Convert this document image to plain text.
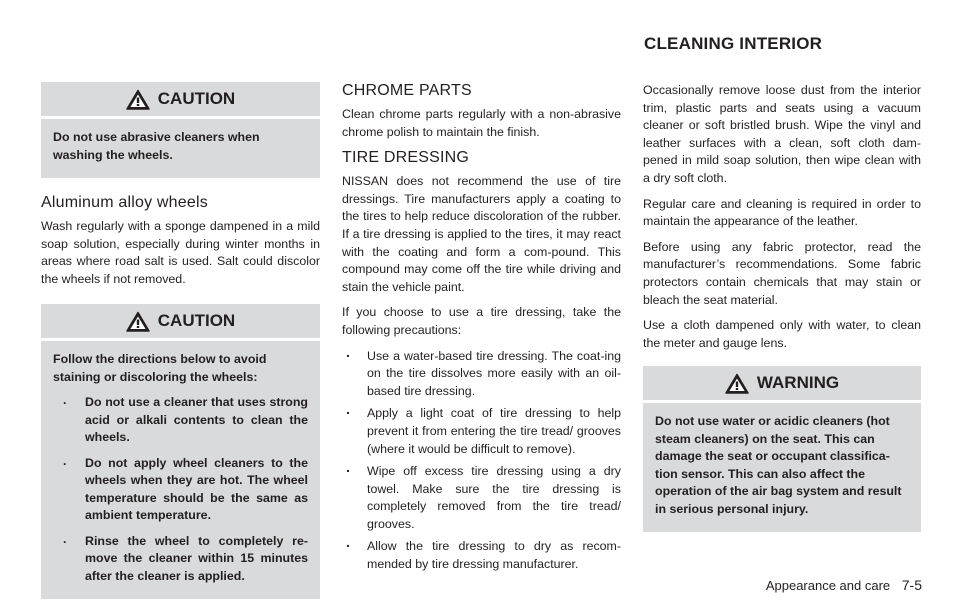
CLEANING INTERIOR
CAUTION

Do not use abrasive cleaners when washing the wheels.

Aluminum alloy wheels

Wash regularly with a sponge dampened in a mild soap solution, especially during winter months in areas where road salt is used. Salt could discolor the wheels if not removed.

CAUTION

Follow the directions below to avoid staining or discoloring the wheels:

. Do not use a cleaner that uses strong acid or alkali contents to clean the wheels.
. Do not apply wheel cleaners to the wheels when they are hot. The wheel temperature should be the same as ambient temperature.
. Rinse the wheel to completely re-move the cleaner within 15 minutes after the cleaner is applied.
CHROME PARTS

Clean chrome parts regularly with a non-abrasive chrome polish to maintain the finish.

TIRE DRESSING

NISSAN does not recommend the use of tire dressings. Tire manufacturers apply a coating to the tires to help reduce discoloration of the rubber. If a tire dressing is applied to the tires, it may react with the coating and form a com-pound. This compound may come off the tire while driving and stain the vehicle paint.

If you choose to use a tire dressing, take the following precautions:

. Use a water-based tire dressing. The coat-ing on the tire dissolves more easily with an oil-based tire dressing.
. Apply a light coat of tire dressing to help prevent it from entering the tire tread/ grooves (where it would be difficult to remove).
. Wipe off excess tire dressing using a dry towel. Make sure the tire dressing is completely removed from the tire tread/ grooves.
. Allow the tire dressing to dry as recom-mended by tire dressing manufacturer.

Occasionally remove loose dust from the interior trim, plastic parts and seats using a vacuum cleaner or soft bristled brush. Wipe the vinyl and leather surfaces with a clean, soft cloth dam-pened in mild soap solution, then wipe clean with a dry soft cloth.

Regular care and cleaning is required in order to maintain the appearance of the leather.

Before using any fabric protector, read the manufacturer’s recommendations. Some fabric protectors contain chemicals that may stain or bleach the seat material.

Use a cloth dampened only with water, to clean the meter and gauge lens.

WARNING

Do not use water or acidic cleaners (hot steam cleaners) on the seat. This can damage the seat or occupant classifica-tion sensor. This can also affect the operation of the air bag system and result in serious personal injury.

Appearance and care 7-5
